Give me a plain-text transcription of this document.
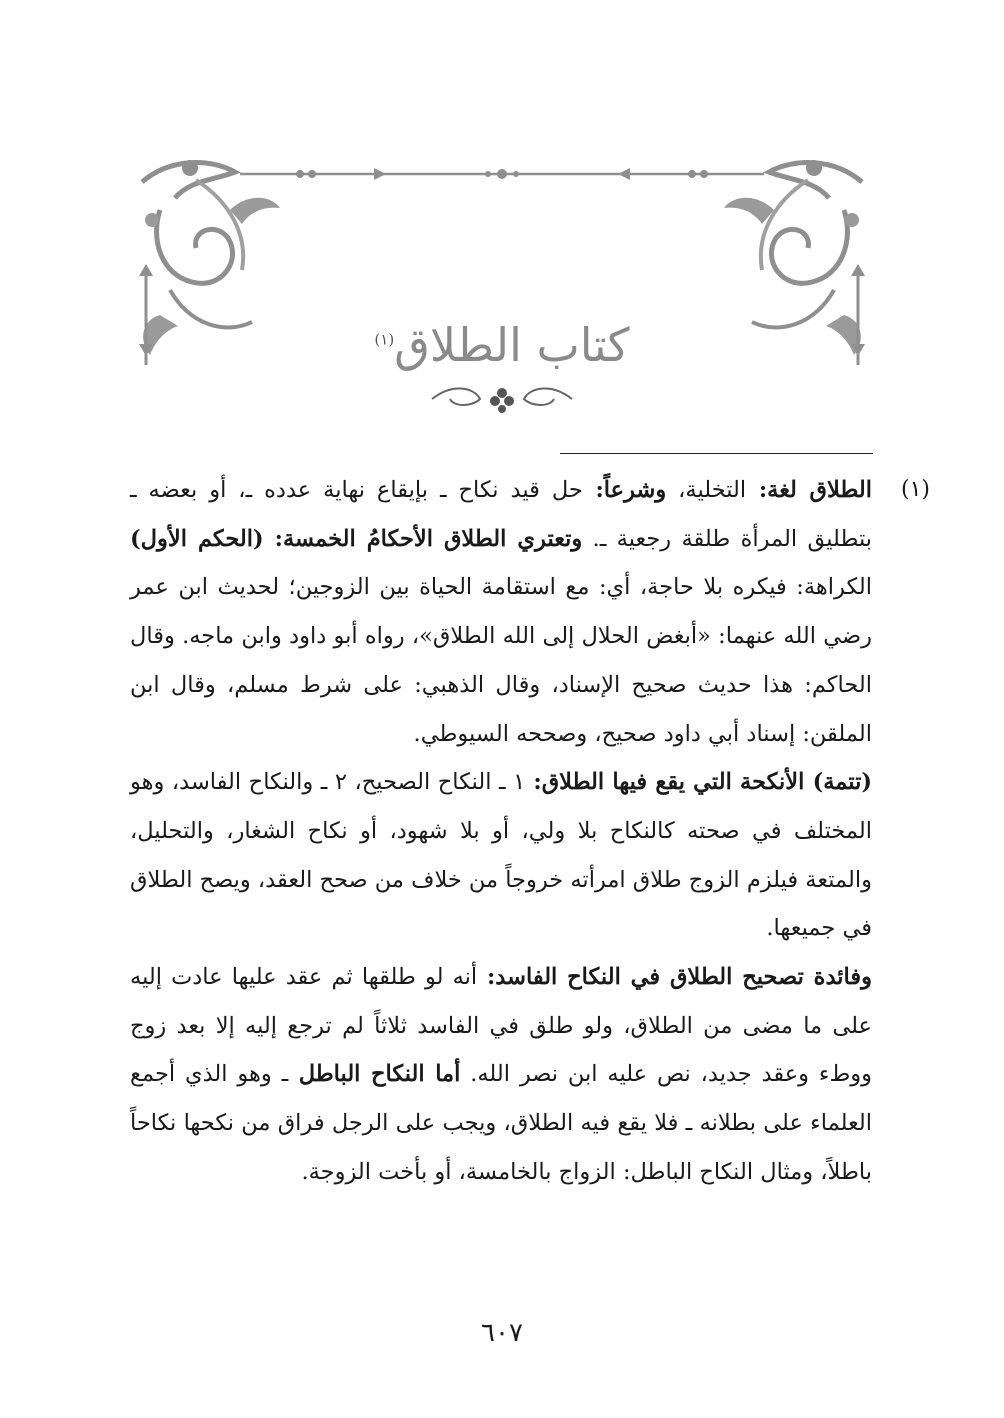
كتاب الطلاق$^{(١)}$
(١)

الطلاق لغة: التخلية، وشرعاً: حل قيد نكاح ـ بإيقاع نهاية عدده ـ، أو بعضه ـ بتطليق المرأة طلقة رجعية ـ. وتعتري الطلاق الأحكامُ الخمسة: (الحكم الأول) الكراهة: فيكره بلا حاجة، أي: مع استقامة الحياة بين الزوجين؛ لحديث ابن عمر رضي الله عنهما: «أبغض الحلال إلى الله الطلاق»، رواه أبو داود وابن ماجه. وقال الحاكم: هذا حديث صحيح الإسناد، وقال الذهبي: على شرط مسلم، وقال ابن الملقن: إسناد أبي داود صحيح، وصححه السيوطي.

(تتمة) الأنكحة التي يقع فيها الطلاق: ١ ـ النكاح الصحيح، ٢ ـ والنكاح الفاسد، وهو المختلف في صحته كالنكاح بلا ولي، أو بلا شهود، أو نكاح الشغار، والتحليل، والمتعة فيلزم الزوج طلاق امرأته خروجاً من خلاف من صحح العقد، ويصح الطلاق في جميعها.

وفائدة تصحيح الطلاق في النكاح الفاسد: أنه لو طلقها ثم عقد عليها عادت إليه على ما مضى من الطلاق، ولو طلق في الفاسد ثلاثاً لم ترجع إليه إلا بعد زوج ووطء وعقد جديد، نص عليه ابن نصر الله. أما النكاح الباطل ـ وهو الذي أجمع العلماء على بطلانه ـ فلا يقع فيه الطلاق، ويجب على الرجل فراق من نكحها نكاحاً باطلاً، ومثال النكاح الباطل: الزواج بالخامسة، أو بأخت الزوجة.

٦٠٧
